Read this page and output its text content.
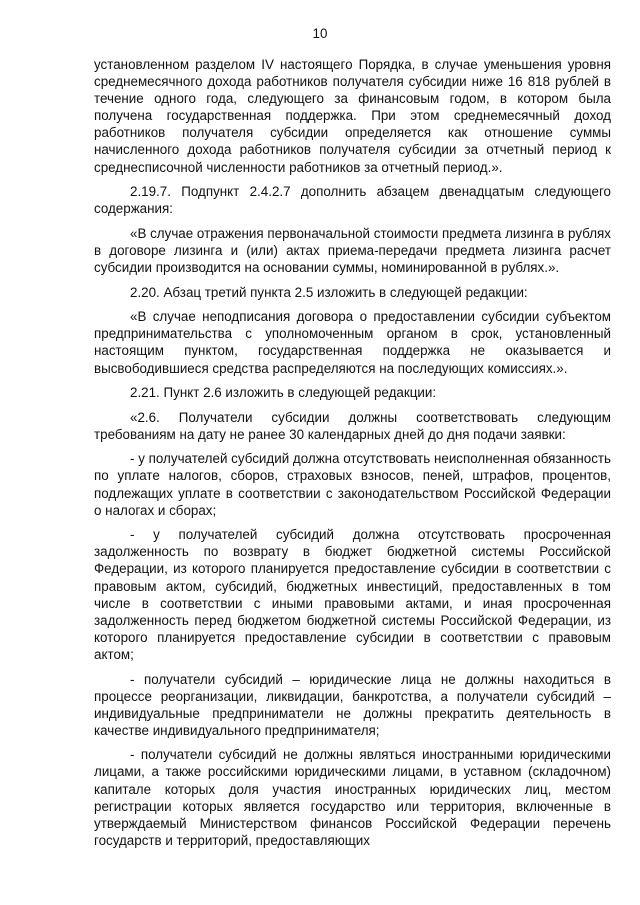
10

установленном разделом IV настоящего Порядка, в случае уменьшения уровня среднемесячного дохода работников получателя субсидии ниже 16 818 рублей в течение одного года, следующего за финансовым годом, в котором была получена государственная поддержка. При этом среднемесячный доход работников получателя субсидии определяется как отношение суммы начисленного дохода работников получателя субсидии за отчетный период к среднесписочной численности работников за отчетный период.».

2.19.7. Подпункт 2.4.2.7 дополнить абзацем двенадцатым следующего содержания:

«В случае отражения первоначальной стоимости предмета лизинга в рублях в договоре лизинга и (или) актах приема-передачи предмета лизинга расчет субсидии производится на основании суммы, номинированной в рублях.».

2.20. Абзац третий пункта 2.5 изложить в следующей редакции:

«В случае неподписания договора о предоставлении субсидии субъектом предпринимательства с уполномоченным органом в срок, установленный настоящим пунктом, государственная поддержка не оказывается и высвободившиеся средства распределяются на последующих комиссиях.».

2.21. Пункт 2.6 изложить в следующей редакции:

«2.6. Получатели субсидии должны соответствовать следующим требованиям на дату не ранее 30 календарных дней до дня подачи заявки:

- у получателей субсидий должна отсутствовать неисполненная обязанность по уплате налогов, сборов, страховых взносов, пеней, штрафов, процентов, подлежащих уплате в соответствии с законодательством Российской Федерации о налогах и сборах;

- у получателей субсидий должна отсутствовать просроченная задолженность по возврату в бюджет бюджетной системы Российской Федерации, из которого планируется предоставление субсидии в соответствии с правовым актом, субсидий, бюджетных инвестиций, предоставленных в том числе в соответствии с иными правовыми актами, и иная просроченная задолженность перед бюджетом бюджетной системы Российской Федерации, из которого планируется предоставление субсидии в соответствии с правовым актом;

- получатели субсидий – юридические лица не должны находиться в процессе реорганизации, ликвидации, банкротства, а получатели субсидий – индивидуальные предприниматели не должны прекратить деятельность в качестве индивидуального предпринимателя;

- получатели субсидий не должны являться иностранными юридическими лицами, а также российскими юридическими лицами, в уставном (складочном) капитале которых доля участия иностранных юридических лиц, местом регистрации которых является государство или территория, включенные в утверждаемый Министерством финансов Российской Федерации перечень государств и территорий, предоставляющих
